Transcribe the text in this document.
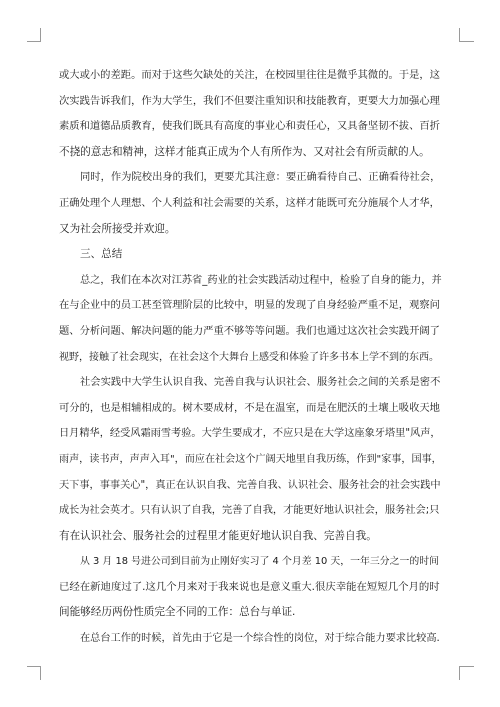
或大或小的差距。而对于这些欠缺处的关注，在校园里往往是微乎其微的。于是，这
次实践告诉我们，作为大学生，我们不但要注重知识和技能教育，更要大力加强心理
素质和道德品质教育，使我们既具有高度的事业心和责任心，又具备坚韧不拔、百折
不挠的意志和精神，这样才能真正成为个人有所作为、又对社会有所贡献的人。
同时，作为院校出身的我们，更要尤其注意：要正确看待自己、正确看待社会，
正确处理个人理想、个人利益和社会需要的关系，这样才能既可充分施展个人才华，
又为社会所接受并欢迎。
三、总结
总之，我们在本次对江苏省_药业的社会实践活动过程中，检验了自身的能力，并
在与企业中的员工甚至管理阶层的比较中，明显的发现了自身经验严重不足，观察问
题、分析问题、解决问题的能力严重不够等等问题。我们也通过这次社会实践开阔了
视野，接触了社会现实，在社会这个大舞台上感受和体验了许多书本上学不到的东西。
社会实践中大学生认识自我、完善自我与认识社会、服务社会之间的关系是密不
可分的，也是相辅相成的。树木要成材，不是在温室，而是在肥沃的土壤上吸收天地
日月精华，经受风霜雨雪考验。大学生要成才，不应只是在大学这座象牙塔里"风声，
雨声，读书声，声声入耳"，而应在社会这个广阔天地里自我历练，作到"家事，国事，
天下事，事事关心"，真正在认识自我、完善自我、认识社会、服务社会的社会实践中
成长为社会英才。只有认识了自我，完善了自我，才能更好地认识社会，服务社会;只
有在认识社会、服务社会的过程里才能更好地认识自我、完善自我。
从 3 月 18 号进公司到目前为止刚好实习了 4 个月差 10 天，一年三分之一的时间
已经在新迪度过了.这几个月来对于我来说也是意义重大.很庆幸能在短短几个月的时
间能够经历两份性质完全不同的工作：总台与单证.
在总台工作的时候，首先由于它是一个综合性的岗位，对于综合能力要求比较高.
